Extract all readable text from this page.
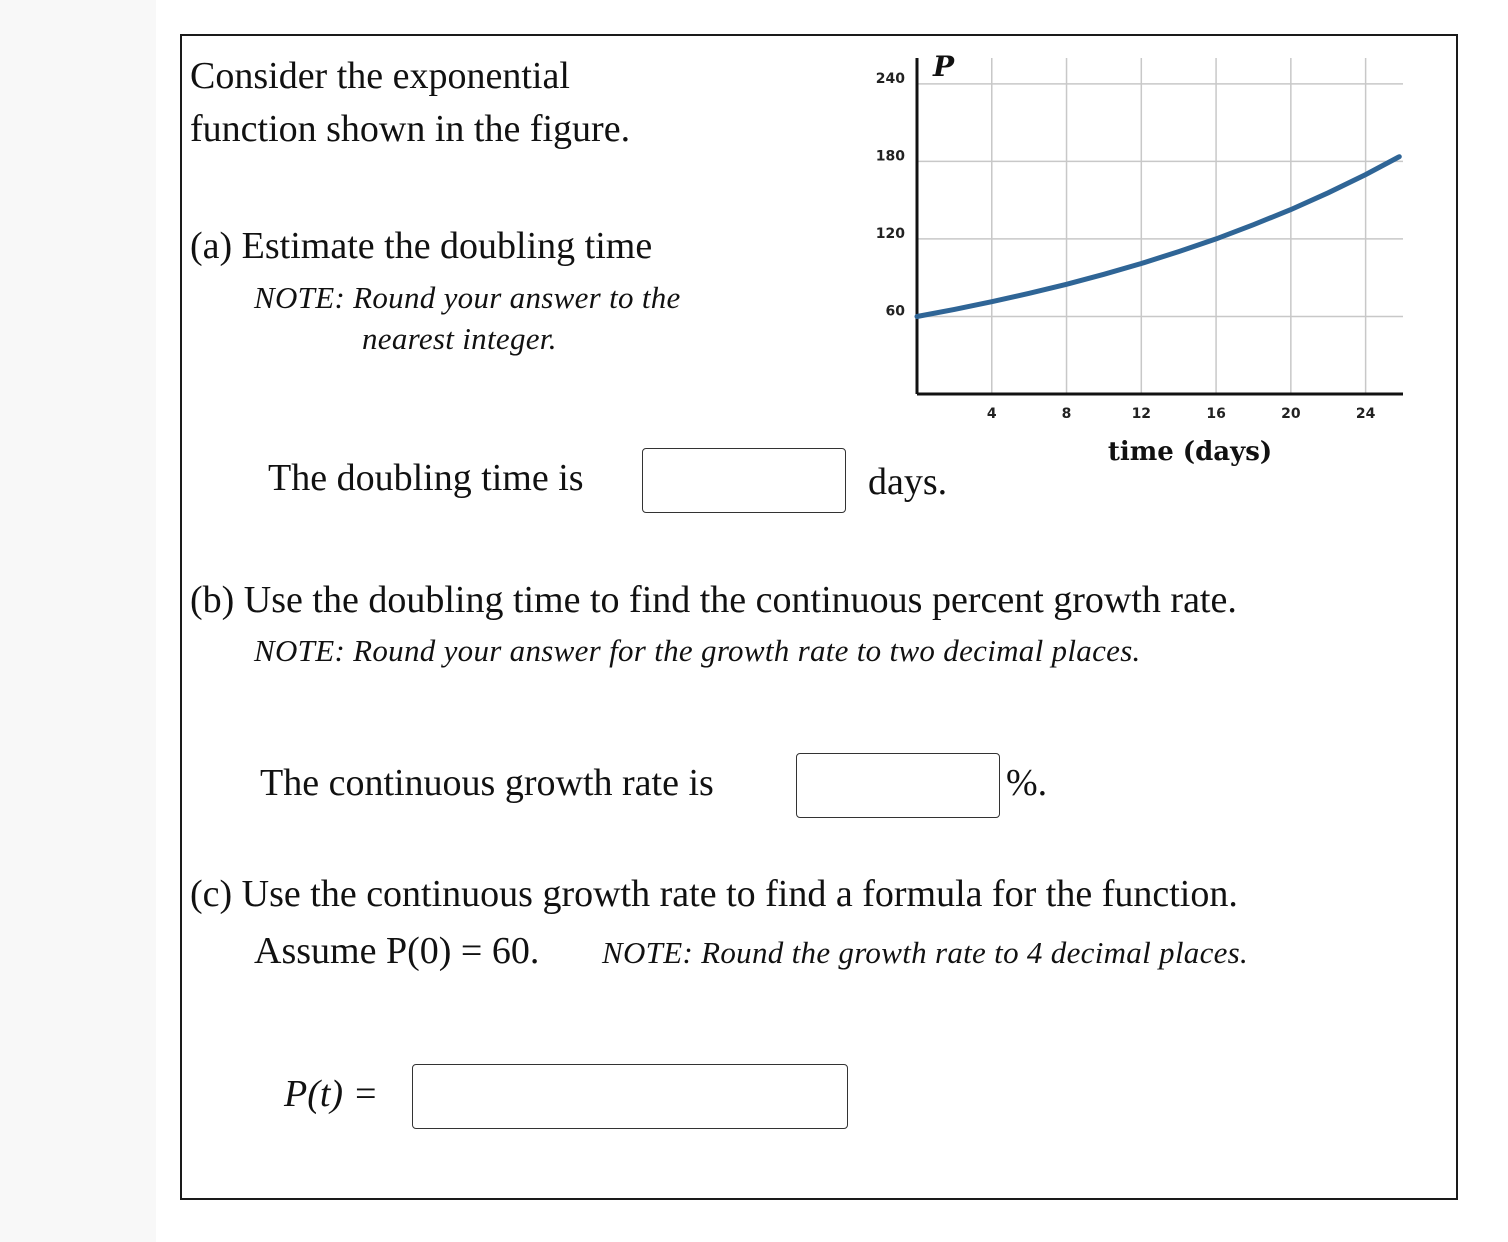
Consider the exponential
function shown in the figure.
(a) Estimate the doubling time
NOTE: Round your answer to the
nearest integer.
The doubling time is	days.
4	8	12	16	20	24
60
120
180
240 P
time (days)
(b) Use the doubling time to find the continuous percent growth rate.
NOTE: Round your answer for the growth rate to two decimal places.
The continuous growth rate is	%.
(c) Use the continuous growth rate to find a formula for the function.
Assume P(0) = 60. NOTE: Round the growth rate to 4 decimal places.
P(t) =
